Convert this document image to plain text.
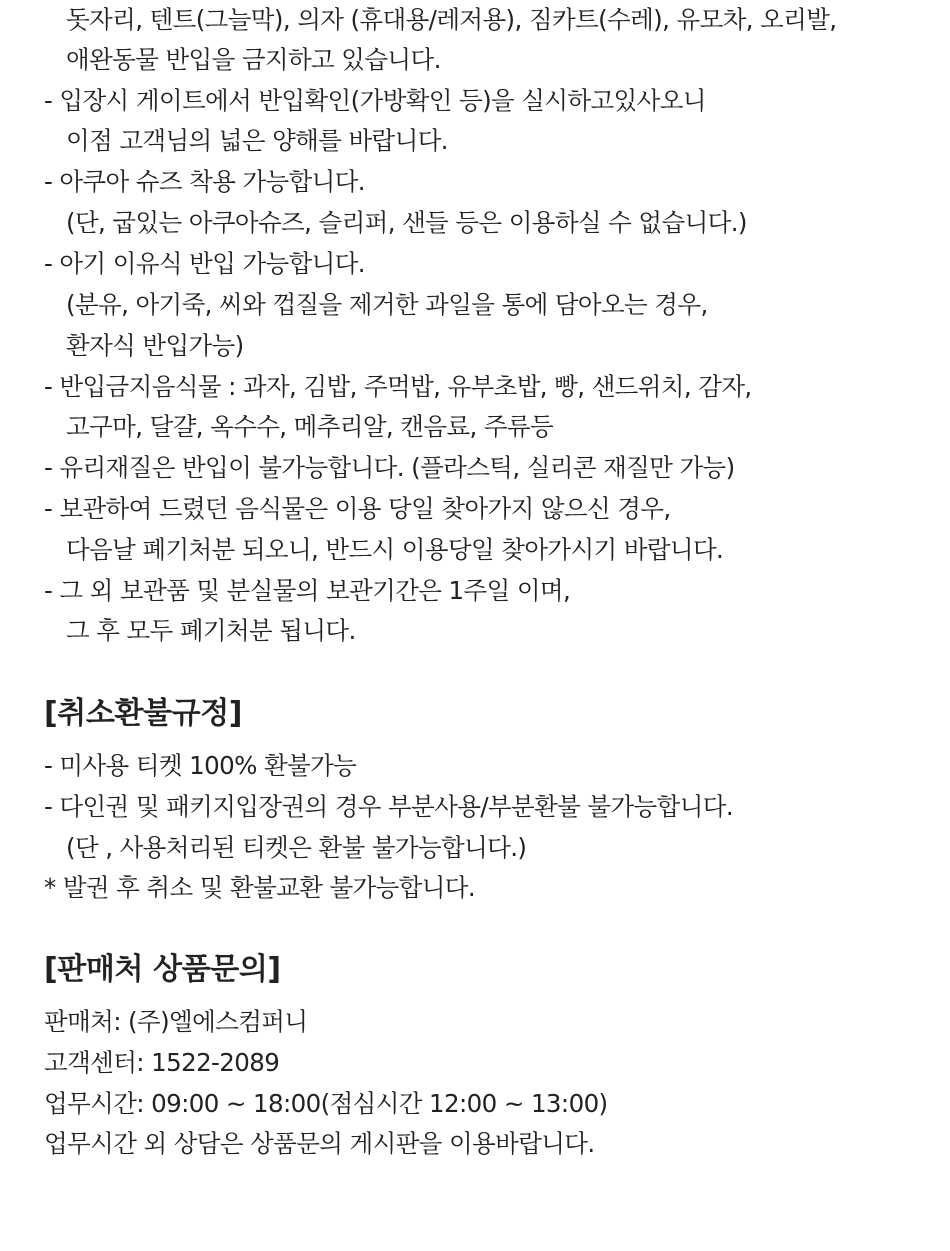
돗자리, 텐트(그늘막), 의자 (휴대용/레저용), 짐카트(수레), 유모차, 오리발,
애완동물 반입을 금지하고 있습니다.
- 입장시 게이트에서 반입확인(가방확인 등)을 실시하고있사오니
이점 고객님의 넓은 양해를 바랍니다.
- 아쿠아 슈즈 착용 가능합니다.
(단, 굽있는 아쿠아슈즈, 슬리퍼, 샌들 등은 이용하실 수 없습니다.)
- 아기 이유식 반입 가능합니다.
(분유, 아기죽, 씨와 껍질을 제거한 과일을 통에 담아오는 경우,
환자식 반입가능)
- 반입금지음식물 : 과자, 김밥, 주먹밥, 유부초밥, 빵, 샌드위치, 감자,
고구마, 달걀, 옥수수, 메추리알, 캔음료, 주류등
- 유리재질은 반입이 불가능합니다. (플라스틱, 실리콘 재질만 가능)
- 보관하여 드렸던 음식물은 이용 당일 찾아가지 않으신 경우,
다음날 폐기처분 되오니, 반드시 이용당일 찾아가시기 바랍니다.
- 그 외 보관품 및 분실물의 보관기간은 1주일 이며,
그 후 모두 폐기처분 됩니다.
[취소환불규정]
- 미사용 티켓 100% 환불가능
- 다인권 및 패키지입장권의 경우 부분사용/부분환불 불가능합니다.
(단 , 사용처리된 티켓은 환불 불가능합니다.)
* 발권 후 취소 및 환불교환 불가능합니다.
[판매처 상품문의]
판매처: (주)엘에스컴퍼니
고객센터: 1522-2089
업무시간: 09:00 ~ 18:00(점심시간 12:00 ~ 13:00)
업무시간 외 상담은 상품문의 게시판을 이용바랍니다.
